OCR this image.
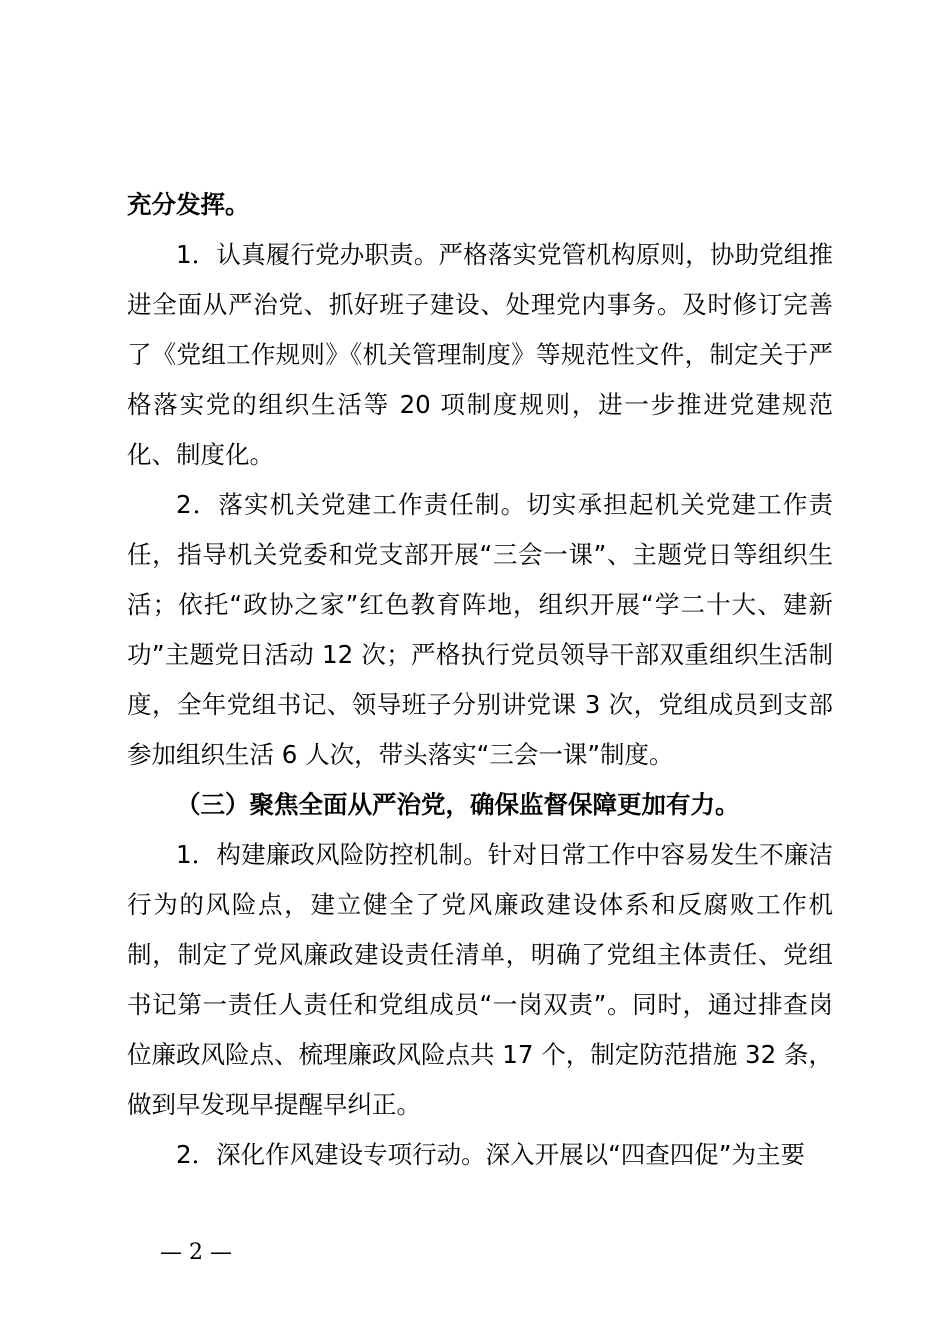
充分发挥。

1．认真履行党办职责。严格落实党管机构原则，协助党组推进全面从严治党、抓好班子建设、处理党内事务。及时修订完善了《党组工作规则》《机关管理制度》等规范性文件，制定关于严格落实党的组织生活等 20 项制度规则，进一步推进党建规范化、制度化。

2．落实机关党建工作责任制。切实承担起机关党建工作责任，指导机关党委和党支部开展“三会一课”、主题党日等组织生活；依托“政协之家”红色教育阵地，组织开展“学二十大、建新功”主题党日活动 12 次；严格执行党员领导干部双重组织生活制度，全年党组书记、领导班子分别讲党课 3 次，党组成员到支部参加组织生活 6 人次，带头落实“三会一课”制度。

（三）聚焦全面从严治党，确保监督保障更加有力。

1．构建廉政风险防控机制。针对日常工作中容易发生不廉洁行为的风险点，建立健全了党风廉政建设体系和反腐败工作机制，制定了党风廉政建设责任清单，明确了党组主体责任、党组书记第一责任人责任和党组成员“一岗双责”。同时，通过排查岗位廉政风险点、梳理廉政风险点共 17 个，制定防范措施 32 条，做到早发现早提醒早纠正。

2．深化作风建设专项行动。深入开展以“四查四促”为主要

— 2 —
